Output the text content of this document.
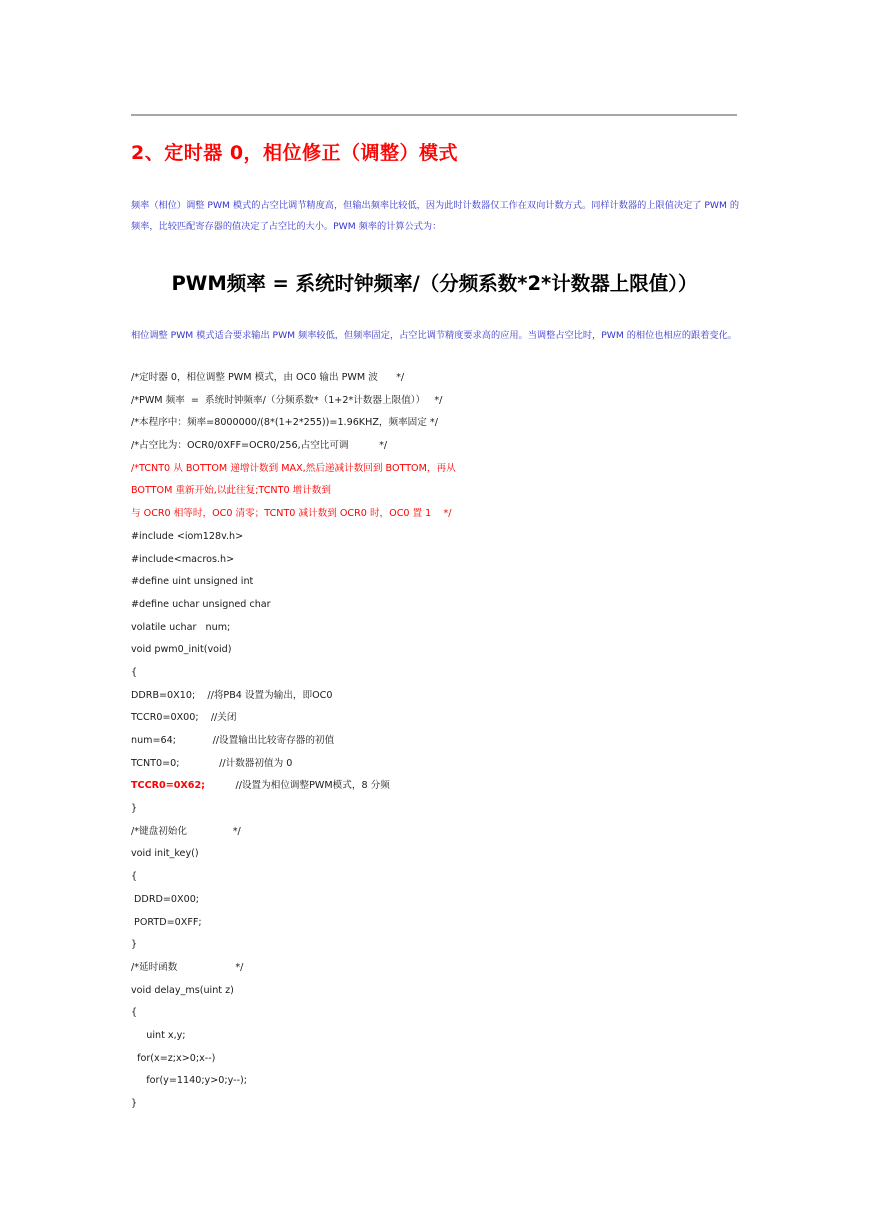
2、定时器 0，相位修正（调整）模式

频率（相位）调整 PWM 模式的占空比调节精度高，但输出频率比较低，因为此时计数器仅工作在双向计数方式。同样计数器的上限值决定了 PWM 的频率，比较匹配寄存器的值决定了占空比的大小。PWM 频率的计算公式为：

PWM频率 = 系统时钟频率/（分频系数*2*计数器上限值））

相位调整 PWM 模式适合要求输出 PWM 频率较低，但频率固定，占空比调节精度要求高的应用。当调整占空比时，PWM 的相位也相应的跟着变化。

/*定时器 0，相位调整 PWM 模式，由 OC0 输出 PWM 波      */
/*PWM 频率  =  系统时钟频率/（分频系数*（1+2*计数器上限值））   */
/*本程序中：频率=8000000/(8*(1+2*255))=1.96KHZ，频率固定 */
/*占空比为：OCR0/0XFF=OCR0/256,占空比可调          */
/*TCNT0 从 BOTTOM 递增计数到 MAX,然后递减计数回到 BOTTOM，再从
BOTTOM 重新开始,以此往复;TCNT0 增计数到
与 OCR0 相等时，OC0 清零；TCNT0 减计数到 OCR0 时，OC0 置 1    */
#include <iom128v.h>
#include<macros.h>
#define uint unsigned int
#define uchar unsigned char
volatile uchar   num;
void pwm0_init(void)
{
DDRB=0X10;    //将PB4 设置为输出，即OC0
TCCR0=0X00;    //关闭
num=64;            //设置输出比较寄存器的初值
TCNT0=0;             //计数器初值为 0
TCCR0=0X62;          //设置为相位调整PWM模式，8 分频
}
/*键盘初始化               */
void init_key()
{
DDRD=0X00;
PORTD=0XFF;
}
/*延时函数                   */
void delay_ms(uint z)
{
uint x,y;
for(x=z;x>0;x--)
for(y=1140;y>0;y--);
}
